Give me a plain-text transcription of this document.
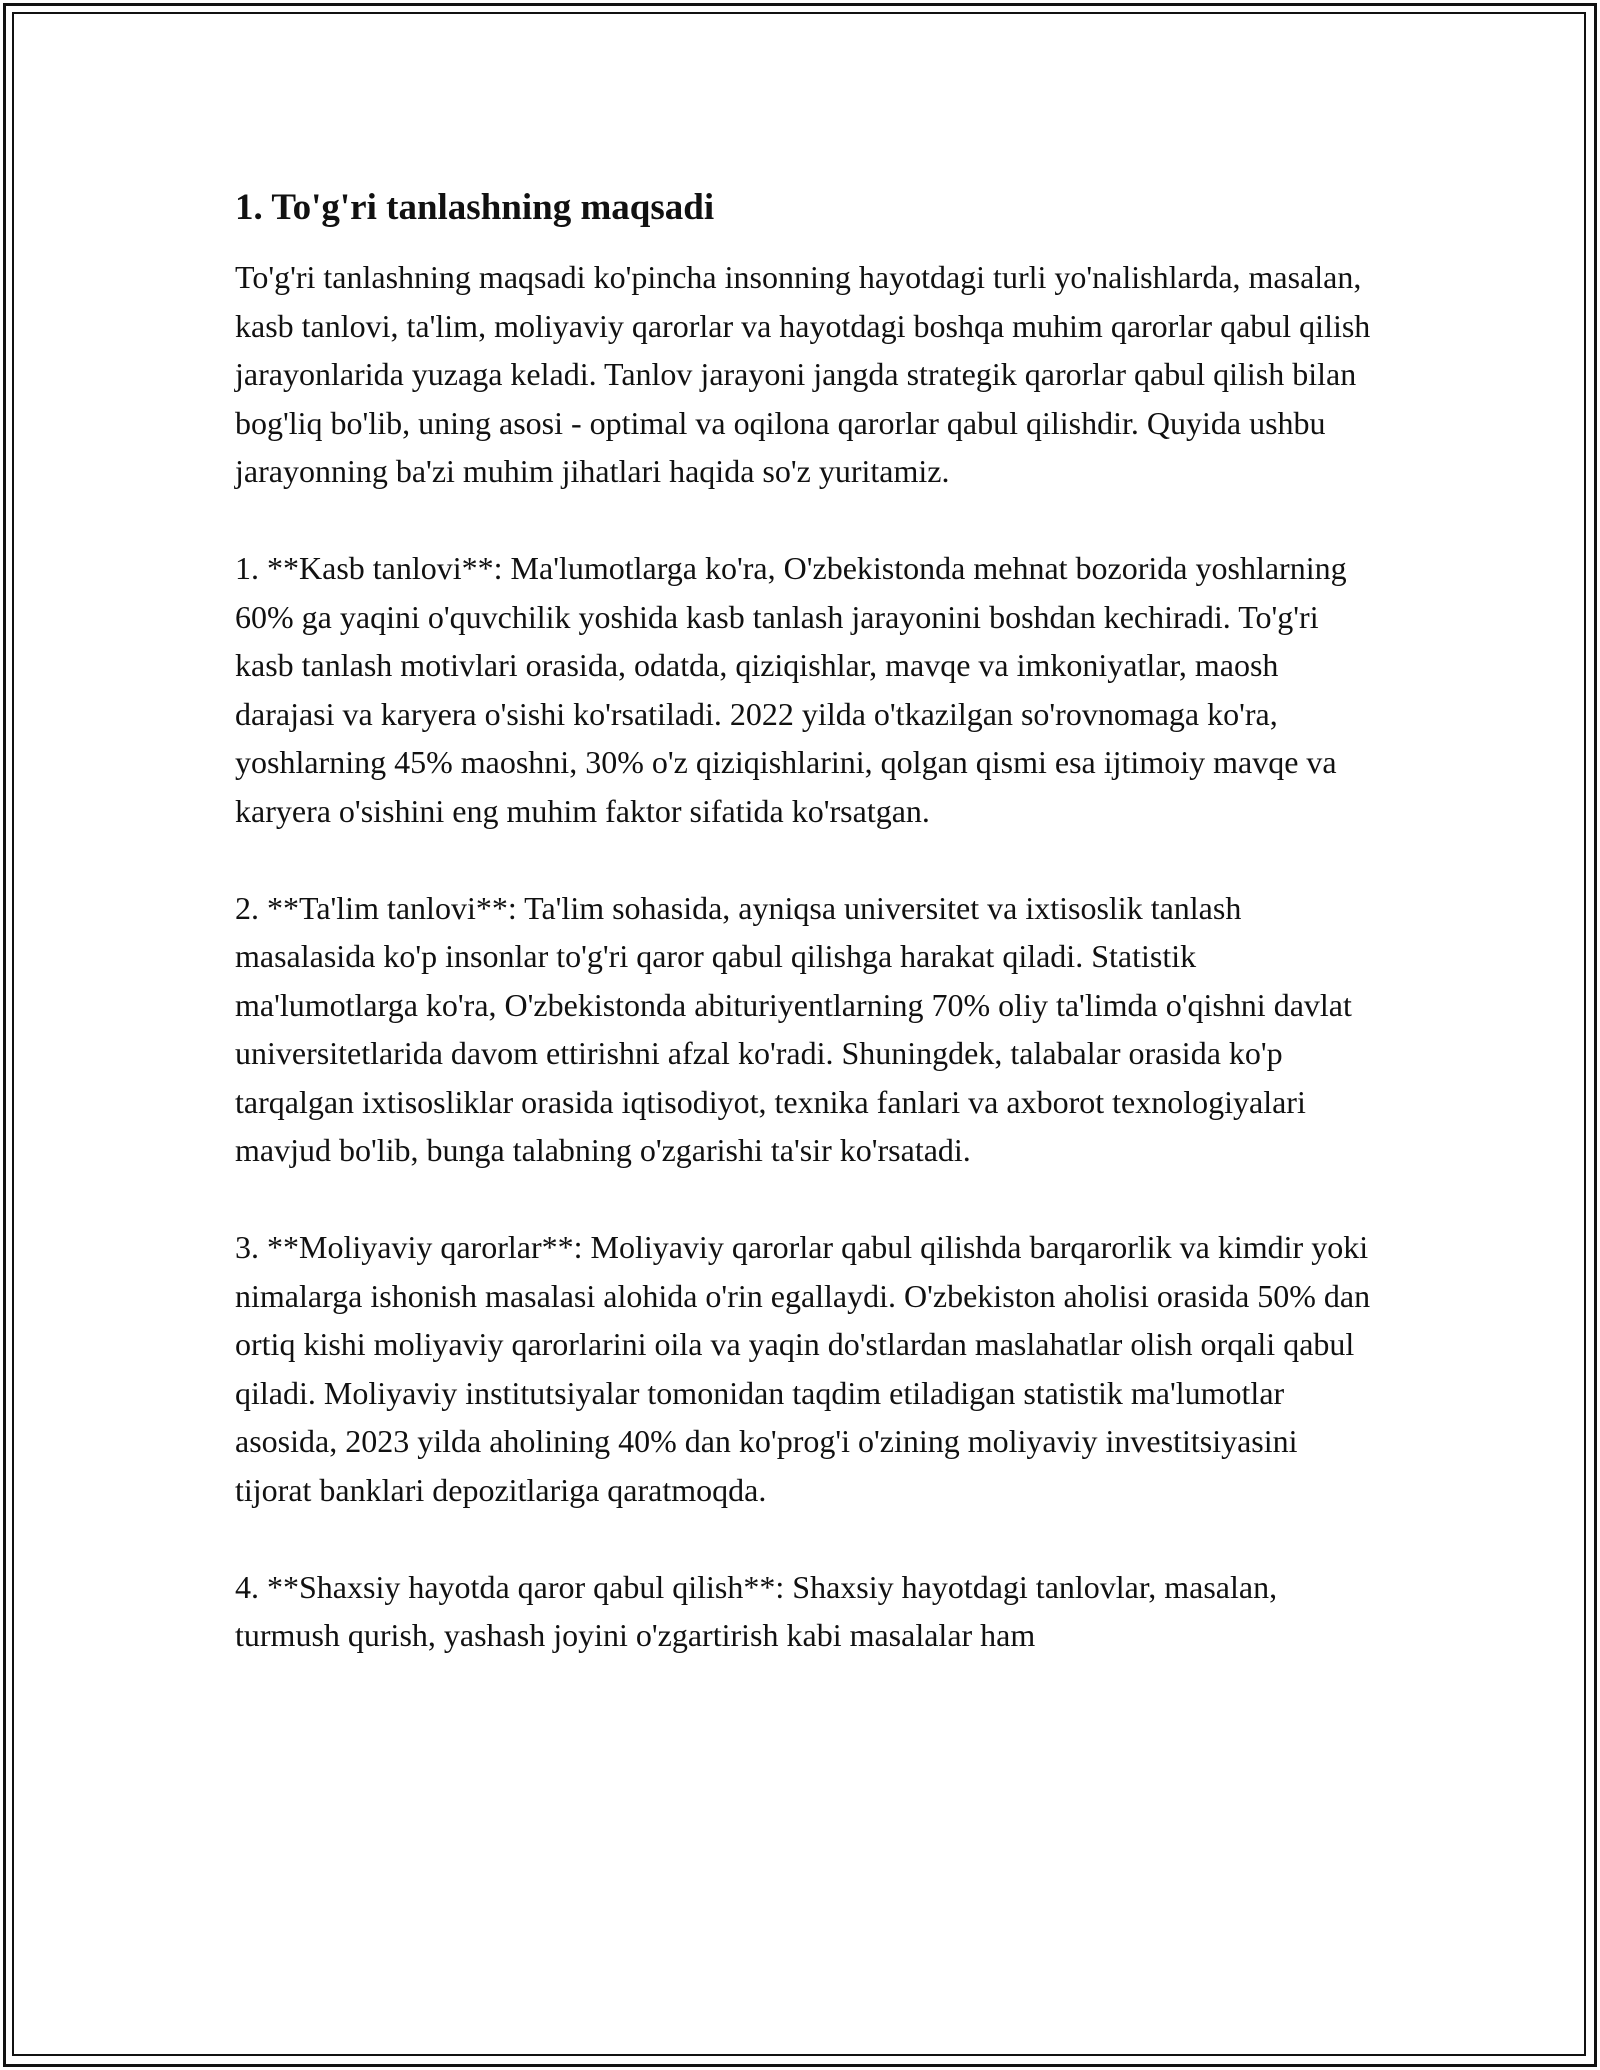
1. To'g'ri tanlashning maqsadi

To'g'ri tanlashning maqsadi ko'pincha insonning hayotdagi turli yo'nalishlarda, masalan, kasb tanlovi, ta'lim, moliyaviy qarorlar va hayotdagi boshqa muhim qarorlar qabul qilish jarayonlarida yuzaga keladi. Tanlov jarayoni jangda strategik qarorlar qabul qilish bilan bog'liq bo'lib, uning asosi - optimal va oqilona qarorlar qabul qilishdir. Quyida ushbu jarayonning ba'zi muhim jihatlari haqida so'z yuritamiz.

1. **Kasb tanlovi**: Ma'lumotlarga ko'ra, O'zbekistonda mehnat bozorida yoshlarning 60% ga yaqini o'quvchilik yoshida kasb tanlash jarayonini boshdan kechiradi. To'g'ri kasb tanlash motivlari orasida, odatda, qiziqishlar, mavqe va imkoniyatlar, maosh darajasi va karyera o'sishi ko'rsatiladi. 2022 yilda o'tkazilgan so'rovnomaga ko'ra, yoshlarning 45% maoshni, 30% o'z qiziqishlarini, qolgan qismi esa ijtimoiy mavqe va karyera o'sishini eng muhim faktor sifatida ko'rsatgan.

2. **Ta'lim tanlovi**: Ta'lim sohasida, ayniqsa universitet va ixtisoslik tanlash masalasida ko'p insonlar to'g'ri qaror qabul qilishga harakat qiladi. Statistik ma'lumotlarga ko'ra, O'zbekistonda abituriyentlarning 70% oliy ta'limda o'qishni davlat universitetlarida davom ettirishni afzal ko'radi. Shuningdek, talabalar orasida ko'p tarqalgan ixtisosliklar orasida iqtisodiyot, texnika fanlari va axborot texnologiyalari mavjud bo'lib, bunga talabning o'zgarishi ta'sir ko'rsatadi.

3. **Moliyaviy qarorlar**: Moliyaviy qarorlar qabul qilishda barqarorlik va kimdir yoki nimalarga ishonish masalasi alohida o'rin egallaydi. O'zbekiston aholisi orasida 50% dan ortiq kishi moliyaviy qarorlarini oila va yaqin do'stlardan maslahatlar olish orqali qabul qiladi. Moliyaviy institutsiyalar tomonidan taqdim etiladigan statistik ma'lumotlar asosida, 2023 yilda aholining 40% dan ko'prog'i o'zining moliyaviy investitsiyasini tijorat banklari depozitlariga qaratmoqda.

4. **Shaxsiy hayotda qaror qabul qilish**: Shaxsiy hayotdagi tanlovlar, masalan, turmush qurish, yashash joyini o'zgartirish kabi masalalar ham
